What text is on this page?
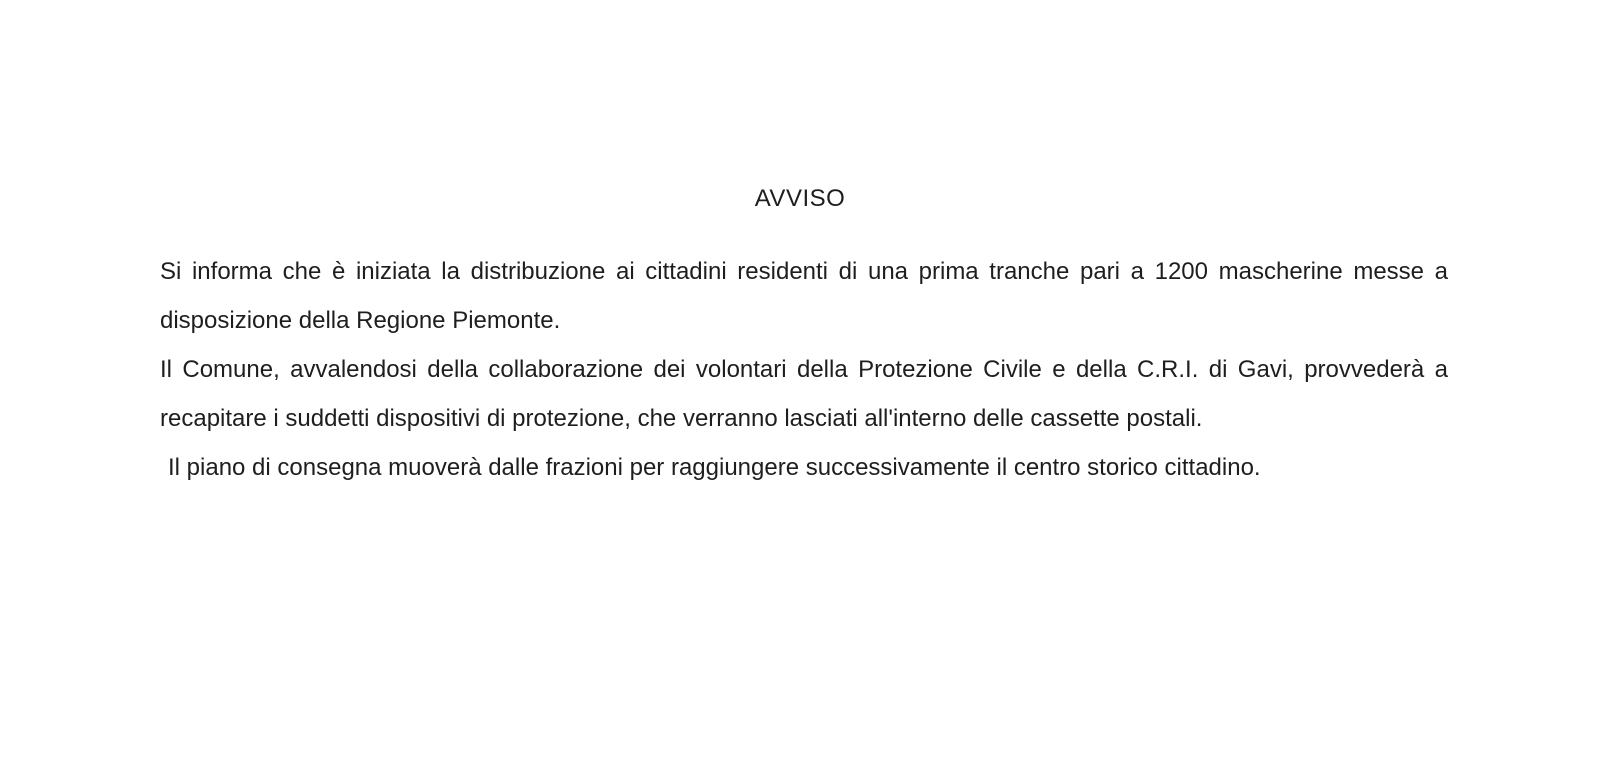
AVVISO

Si informa che è iniziata la distribuzione ai cittadini residenti di una prima tranche pari a 1200 mascherine messe a disposizione della Regione Piemonte.

Il Comune, avvalendosi della collaborazione dei volontari della Protezione Civile e della C.R.I. di Gavi, provvederà a recapitare i suddetti dispositivi di protezione, che verranno lasciati all'interno delle cassette postali.

Il piano di consegna muoverà dalle frazioni per raggiungere successivamente il centro storico cittadino.
